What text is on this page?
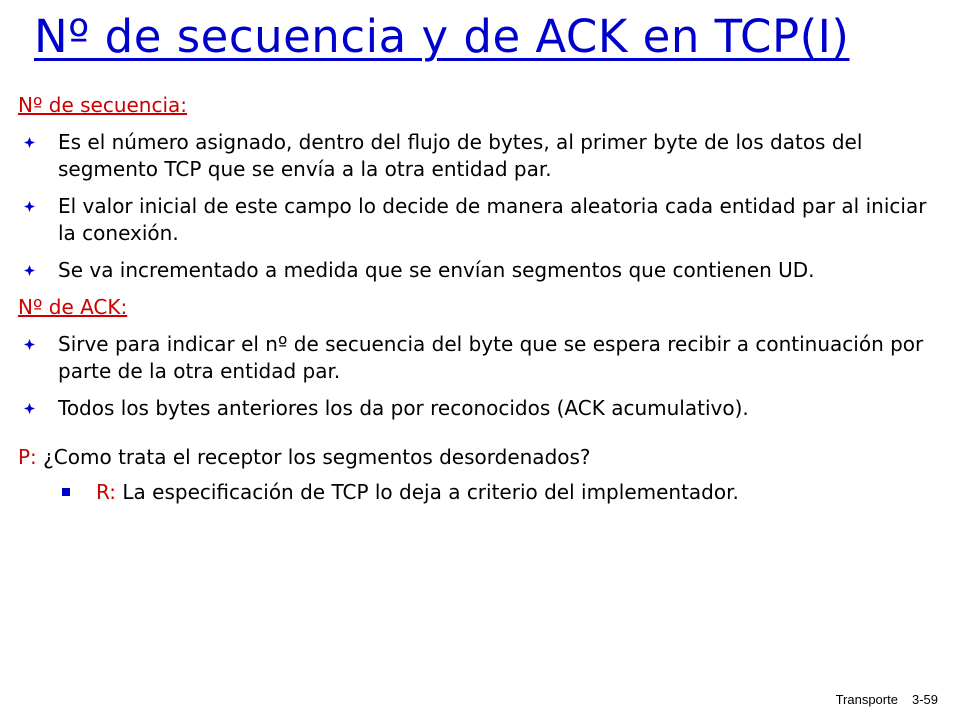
Nº de secuencia y de ACK en TCP(I)
Nº de secuencia:
Es el número asignado, dentro del flujo de bytes, al primer byte de los datos del segmento TCP que se envía a la otra entidad par.
El valor inicial de este campo lo decide de manera aleatoria cada entidad par al iniciar la conexión.
Se va incrementado a medida que se envían segmentos que contienen UD.
Nº de ACK:
Sirve para indicar el nº de secuencia del byte que se espera recibir a continuación por parte de la otra entidad par.
Todos los bytes anteriores los da por reconocidos (ACK acumulativo).
P: ¿Como trata el receptor los segmentos desordenados?
R: La especificación de TCP lo deja a criterio del implementador.
Transporte 3-59
